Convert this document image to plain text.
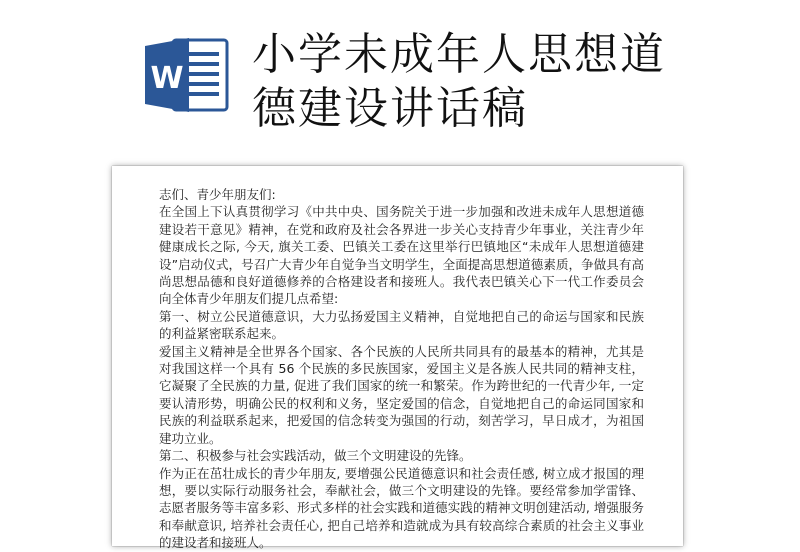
W 小学未成年人思想道
德建设讲话稿

志们、青少年朋友们:

在全国上下认真贯彻学习《中共中央、国务院关于进一步加强和改进未成年人思想道德建设若干意见》精神，在党和政府及社会各界进一步关心支持青少年事业，关注青少年健康成长之际, 今天, 旗关工委、巴镇关工委在这里举行巴镇地区“未成年人思想道德建设”启动仪式，号召广大青少年自觉争当文明学生，全面提高思想道德素质，争做具有高尚思想品德和良好道德修养的合格建设者和接班人。我代表巴镇关心下一代工作委员会向全体青少年朋友们提几点希望:

第一、树立公民道德意识，大力弘扬爱国主义精神，自觉地把自己的命运与国家和民族的利益紧密联系起来。

爱国主义精神是全世界各个国家、各个民族的人民所共同具有的最基本的精神，尤其是对我国这样一个具有 56 个民族的多民族国家，爱国主义是各族人民共同的精神支柱，它凝聚了全民族的力量, 促进了我们国家的统一和繁荣。作为跨世纪的一代青少年, 一定要认清形势，明确公民的权利和义务，坚定爱国的信念，自觉地把自己的命运同国家和民族的利益联系起来，把爱国的信念转变为强国的行动，刻苦学习，早日成才，为祖国建功立业。

第二、积极参与社会实践活动，做三个文明建设的先锋。

作为正在茁壮成长的青少年朋友, 要增强公民道德意识和社会责任感, 树立成才报国的理想，要以实际行动服务社会，奉献社会，做三个文明建设的先锋。要经常参加学雷锋、志愿者服务等丰富多彩、形式多样的社会实践和道德实践的精神文明创建活动, 增强服务和奉献意识, 培养社会责任心, 把自己培养和造就成为具有较高综合素质的社会主义事业的建设者和接班人。
